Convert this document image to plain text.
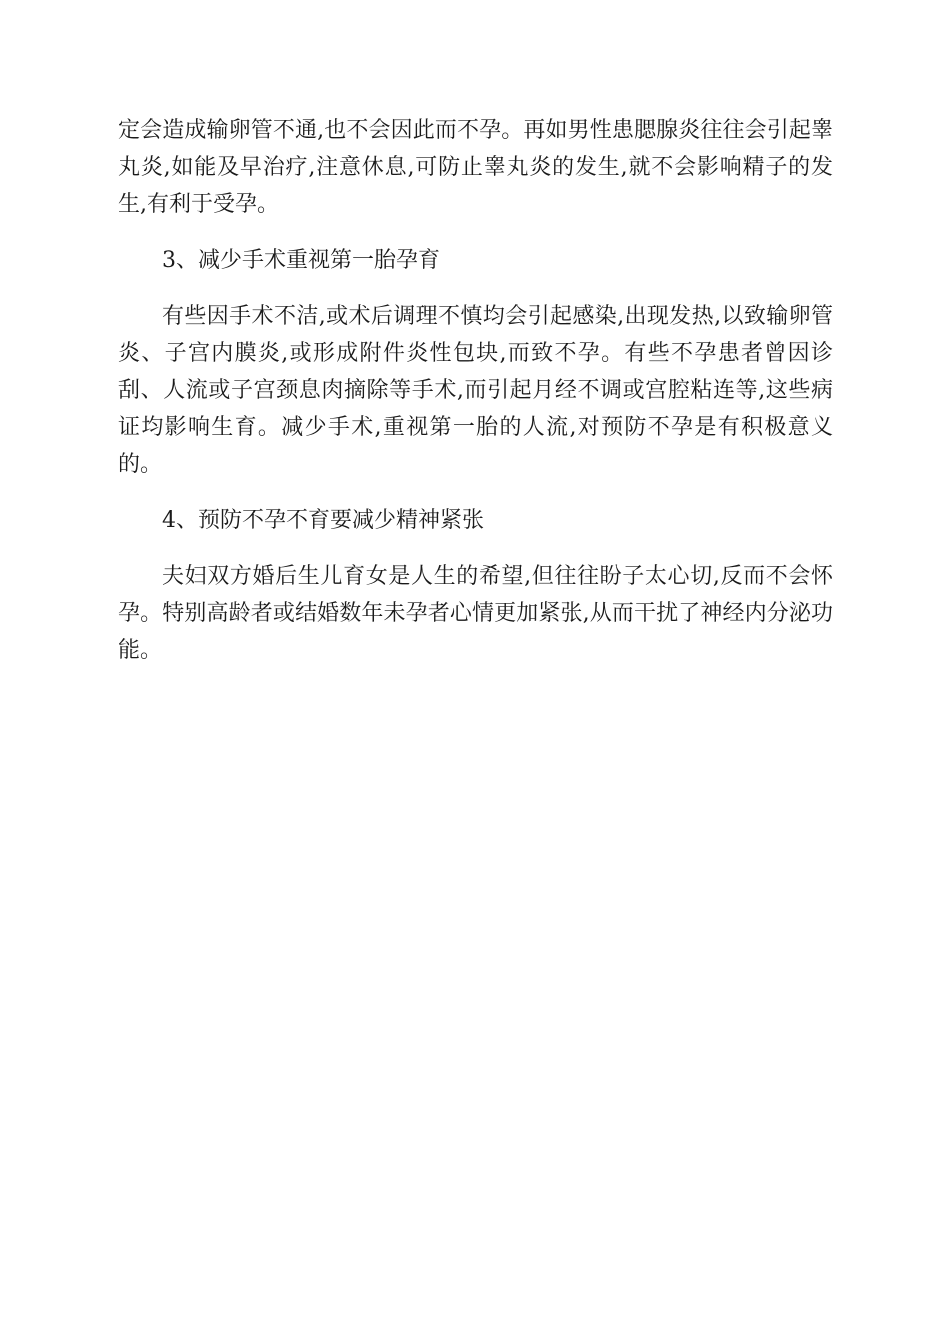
定会造成输卵管不通,也不会因此而不孕。再如男性患腮腺炎往往会引起睾丸炎,如能及早治疗,注意休息,可防止睾丸炎的发生,就不会影响精子的发生,有利于受孕。

3、减少手术重视第一胎孕育

有些因手术不洁,或术后调理不慎均会引起感染,出现发热,以致输卵管炎、子宫内膜炎,或形成附件炎性包块,而致不孕。有些不孕患者曾因诊刮、人流或子宫颈息肉摘除等手术,而引起月经不调或宫腔粘连等,这些病证均影响生育。减少手术,重视第一胎的人流,对预防不孕是有积极意义的。

4、预防不孕不育要减少精神紧张

夫妇双方婚后生儿育女是人生的希望,但往往盼子太心切,反而不会怀孕。特别高龄者或结婚数年未孕者心情更加紧张,从而干扰了神经内分泌功能。
